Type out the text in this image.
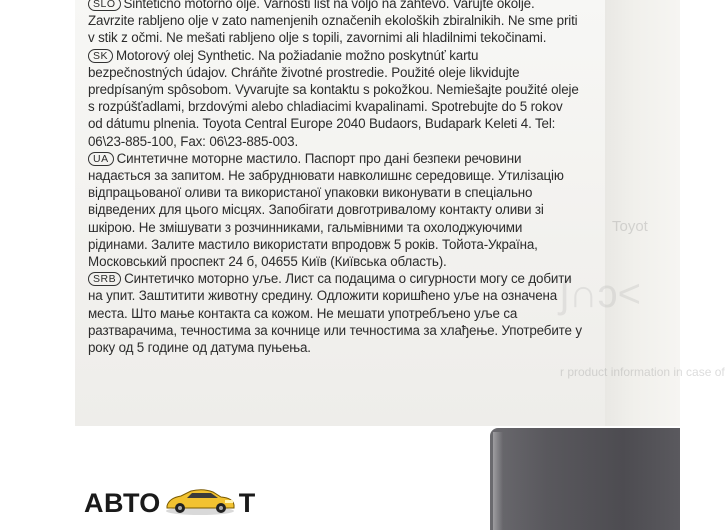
Toyot
ʃ∩ↄ<
r product information in case of
SLO Sintetično motorno olje. Varnosti list na voljo na zahtevo. Varujte okolje.
Zavrzite rabljeno olje v zato namenjenih označenih ekoloških zbiralnikih. Ne sme priti
v stik z očmi. Ne mešati rabljeno olje s topili, zavornimi ali hladilnimi tekočinami.
SK Motorový olej Synthetic. Na požiadanie možno poskytnúť kartu
bezpečnostných údajov. Chráňte životné prostredie. Použité oleje likvidujte
predpísaným spôsobom. Vyvarujte sa kontaktu s pokožkou. Nemiešajte použité oleje
s rozpúšťadlami, brzdovými alebo chladiacimi kvapalinami. Spotrebujte do 5 rokov
od dátumu plnenia. Toyota Central Europe 2040 Budaors, Budapark Keleti 4. Tel:
06\23-885-100, Fax: 06\23-885-003.
UA Синтетичне моторне мастило. Паспорт про дані безпеки речовини
надається за запитом. Не забруднювати навколишнє середовище. Утилізацію
відпрацьованої оливи та використаної упаковки виконувати в спеціально
відведених для цього місцях. Запобігати довготривалому контакту оливи зі
шкірою. Не змішувати з розчинниками, гальмівними та охолоджуючими
рідинами. Залите мастило використати впродовж 5 років. Тойота-Україна,
Московський проспект 24 б, 04655 Київ (Київська область).
SRB Синтетичко моторно уље. Лист са подацима о сигурности могу се добити
на упит. Заштитити животну средину. Одложити коришћено уље на означена
места. Што мање контакта са кожом. Не мешати употребљено уље са
разтварачима, течностима за кочнице или течностима за хлађење. Употребите у
року од 5 године од датума пуњења.
АВТО	Т
